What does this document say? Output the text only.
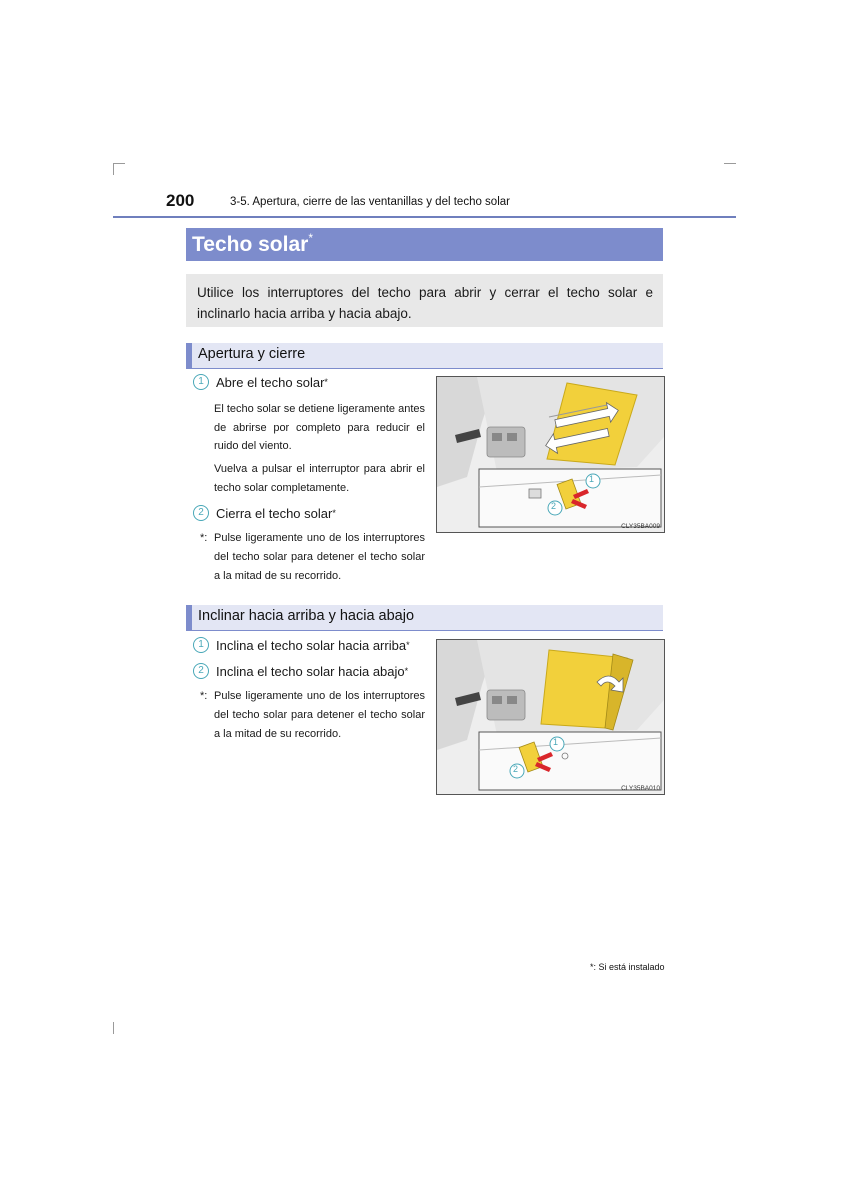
200	3-5. Apertura, cierre de las ventanillas y del techo solar
Techo solar*

Utilice los interruptores del techo para abrir y cerrar el techo solar e inclinarlo hacia arriba y hacia abajo.

Apertura y cierre
1 Abre el techo solar *

El techo solar se detiene ligeramente antes de abrirse por completo para reducir el ruido del viento.

Vuelva a pulsar el interruptor para abrir el techo solar completamente.

2 Cierra el techo solar *
*: Pulse ligeramente uno de los interruptores del techo solar para detener el techo solar a la mitad de su recorrido.
1
2
CLY35BA009
Inclinar hacia arriba y hacia abajo
1 Inclina el techo solar hacia arriba *
2 Inclina el techo solar hacia abajo *
*: Pulse ligeramente uno de los interruptores del techo solar para detener el techo solar a la mitad de su recorrido.
1
2
CLY35BA010
*: Si está instalado
